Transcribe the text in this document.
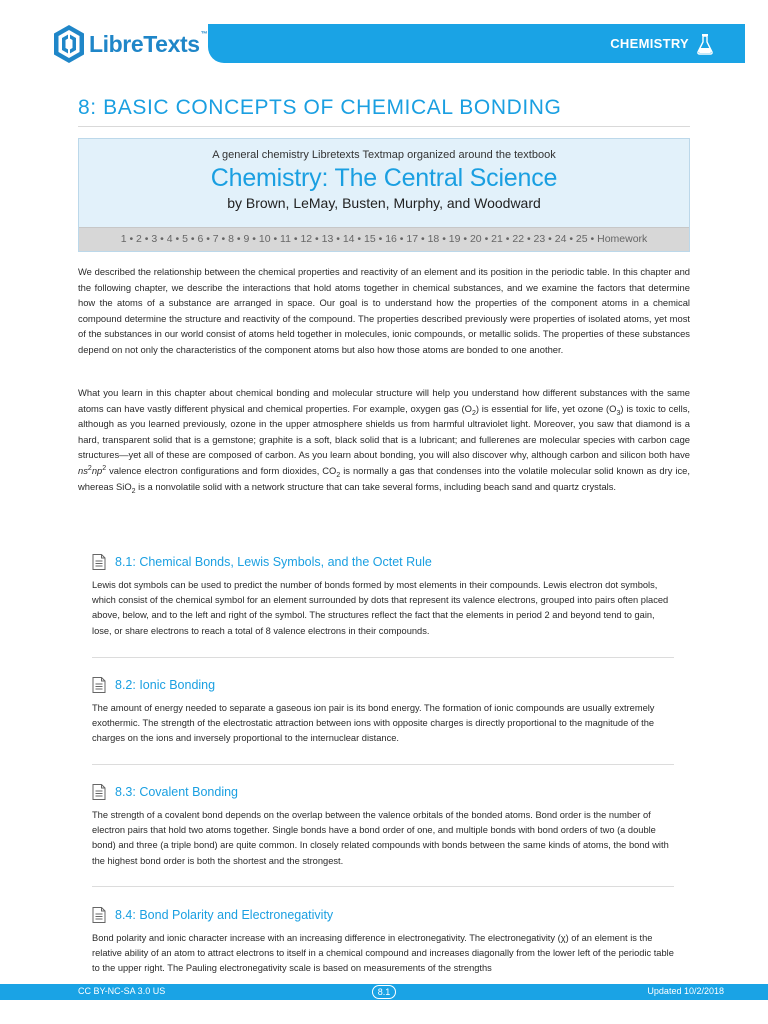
LibreTexts™
CHEMISTRY
8: BASIC CONCEPTS OF CHEMICAL BONDING
A general chemistry Libretexts Textmap organized around the textbook
Chemistry: The Central Science
by Brown, LeMay, Busten, Murphy, and Woodward
1 • 2 • 3 • 4 • 5 • 6 • 7 • 8 • 9 • 10 • 11 • 12 • 13 • 14 • 15 • 16 • 17 • 18 • 19 • 20 • 21 • 22 • 23 • 24 • 25 • Homework
We described the relationship between the chemical properties and reactivity of an element and its position in the periodic table. In this chapter and the following chapter, we describe the interactions that hold atoms together in chemical substances, and we examine the factors that determine how the atoms of a substance are arranged in space. Our goal is to understand how the properties of the component atoms in a chemical compound determine the structure and reactivity of the compound. The properties described previously were properties of isolated atoms, yet most of the substances in our world consist of atoms held together in molecules, ionic compounds, or metallic solids. The properties of these substances depend on not only the characteristics of the component atoms but also how those atoms are bonded to one another.
What you learn in this chapter about chemical bonding and molecular structure will help you understand how different substances with the same atoms can have vastly different physical and chemical properties. For example, oxygen gas $(O_2)$ is essential for life, yet ozone $(O_3)$ is toxic to cells, although as you learned previously, ozone in the upper atmosphere shields us from harmful ultraviolet light. Moreover, you saw that diamond is a hard, transparent solid that is a gemstone; graphite is a soft, black solid that is a lubricant; and fullerenes are molecular species with carbon cage structures—yet all of these are composed of carbon. As you learn about bonding, you will also discover why, although carbon and silicon both have $ns^2np^2$ valence electron configurations and form dioxides, $CO_2$ is normally a gas that condenses into the volatile molecular solid known as dry ice, whereas SiO$_2$ is a nonvolatile solid with a network structure that can take several forms, including beach sand and quartz crystals.
8.1: Chemical Bonds, Lewis Symbols, and the Octet Rule
Lewis dot symbols can be used to predict the number of bonds formed by most elements in their compounds. Lewis electron dot symbols, which consist of the chemical symbol for an element surrounded by dots that represent its valence electrons, grouped into pairs often placed above, below, and to the left and right of the symbol. The structures reflect the fact that the elements in period 2 and beyond tend to gain, lose, or share electrons to reach a total of 8 valence electrons in their compounds.
8.2: Ionic Bonding
The amount of energy needed to separate a gaseous ion pair is its bond energy. The formation of ionic compounds are usually extremely exothermic. The strength of the electrostatic attraction between ions with opposite charges is directly proportional to the magnitude of the charges on the ions and inversely proportional to the internuclear distance.
8.3: Covalent Bonding
The strength of a covalent bond depends on the overlap between the valence orbitals of the bonded atoms. Bond order is the number of electron pairs that hold two atoms together. Single bonds have a bond order of one, and multiple bonds with bond orders of two (a double bond) and three (a triple bond) are quite common. In closely related compounds with bonds between the same kinds of atoms, the bond with the highest bond order is both the shortest and the strongest.
8.4: Bond Polarity and Electronegativity
Bond polarity and ionic character increase with an increasing difference in electronegativity. The electronegativity (χ) of an element is the relative ability of an atom to attract electrons to itself in a chemical compound and increases diagonally from the lower left of the periodic table to the upper right. The Pauling electronegativity scale is based on measurements of the strengths
CC BY-NC-SA 3.0 US	8.1	Updated 10/2/2018
